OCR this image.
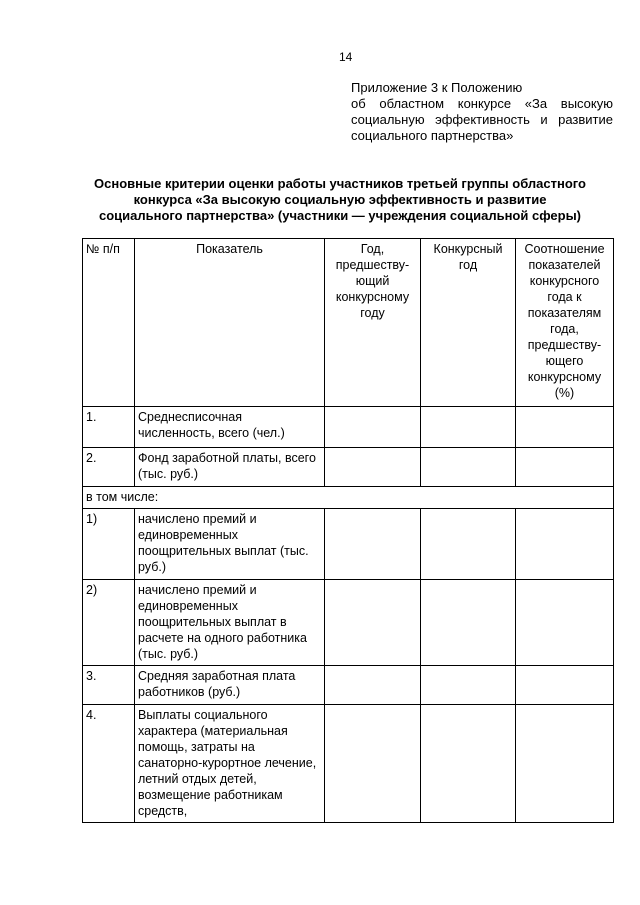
14
Приложение 3 к Положению
об областном конкурсе «За высокую
социальную эффективность и развитие
социального партнерства»
Основные критерии оценки работы участников третьей группы областного
конкурса «За высокую социальную эффективность и развитие
социального партнерства» (участники — учреждения социальной сферы)
№ п/п	Показатель	Год, предшеству-ющий конкурсному году	Конкурсный год	Соотношение показателей конкурсного года к показателям года, предшеству-ющего конкурсному (%)
1.	Среднесписочная численность, всего (чел.)			
2.	Фонд заработной платы, всего (тыс. руб.)			
в том числе:				
1)	начислено премий и единовременных поощрительных выплат (тыс. руб.)			
2)	начислено премий и единовременных поощрительных выплат в расчете на одного работника (тыс. руб.)			
3.	Средняя заработная плата работников (руб.)			
4.	Выплаты социального характера (материальная помощь, затраты на санаторно-курортное лечение, летний отдых детей, возмещение работникам средств,			
